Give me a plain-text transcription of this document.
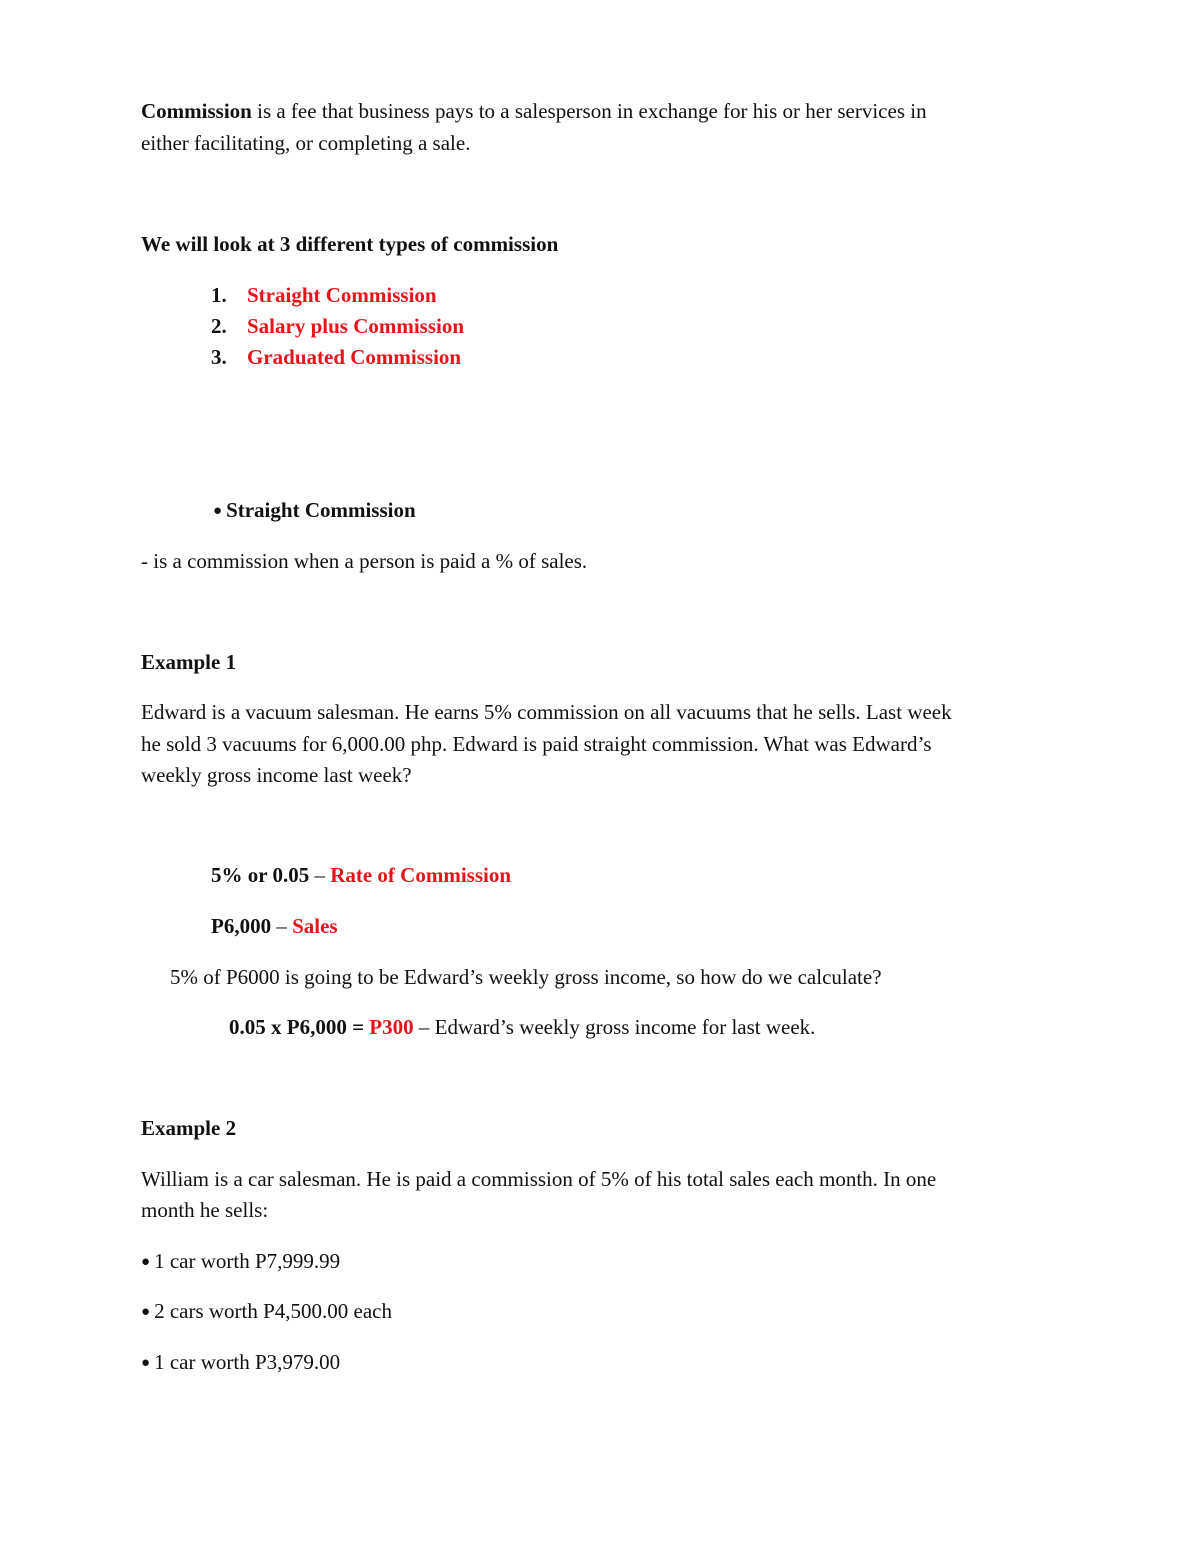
Commission is a fee that business pays to a salesperson in exchange for his or her services in
either facilitating, or completing a sale.
We will look at 3 different types of commission
1. Straight Commission
2. Salary plus Commission
3. Graduated Commission
● Straight Commission
- is a commission when a person is paid a % of sales.
Example 1
Edward is a vacuum salesman. He earns 5% commission on all vacuums that he sells. Last week
he sold 3 vacuums for 6,000.00 php. Edward is paid straight commission. What was Edward’s
weekly gross income last week?
5% or 0.05 – Rate of Commission
P6,000 – Sales
5% of P6000 is going to be Edward’s weekly gross income, so how do we calculate?
0.05 x P6,000 = P300 – Edward’s weekly gross income for last week.
Example 2
William is a car salesman. He is paid a commission of 5% of his total sales each month. In one
month he sells:
● 1 car worth P7,999.99
● 2 cars worth P4,500.00 each
● 1 car worth P3,979.00
